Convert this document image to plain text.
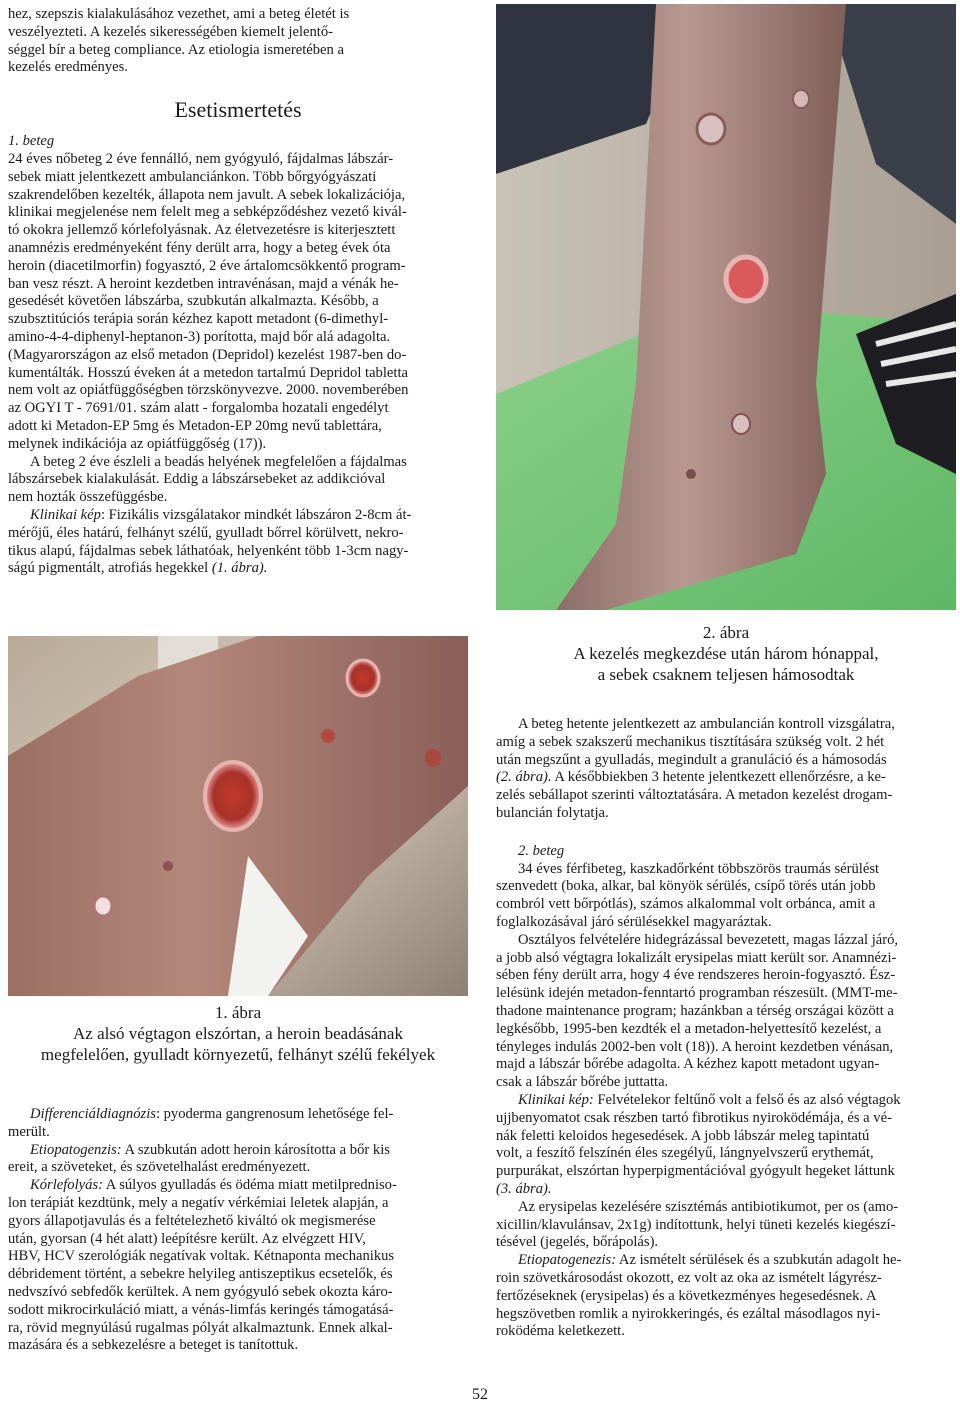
hez, szepszis kialakulásához vezethet, ami a beteg életét is
veszélyezteti. A kezelés sikerességében kiemelt jelentő-
séggel bír a beteg compliance. Az etiologia ismeretében a
kezelés eredményes.
Esetismertetés
1. beteg
24 éves nőbeteg 2 éve fennálló, nem gyógyuló, fájdalmas lábszár-
sebek miatt jelentkezett ambulanciánkon. Több bőrgyógyászati
szakrendelőben kezelték, állapota nem javult. A sebek lokalizációja,
klinikai megjelenése nem felelt meg a sebképződéshez vezető kivál-
tó okokra jellemző kórlefolyásnak. Az életvezetésre is kiterjesztett
anamnézis eredményeként fény derült arra, hogy a beteg évek óta
heroin (diacetilmorfin) fogyasztó, 2 éve ártalomcsökkentő program-
ban vesz részt. A heroint kezdetben intravénásan, majd a vénák he-
gesedését követően lábszárba, szubkután alkalmazta. Később, a
szubsztitúciós terápia során kézhez kapott metadont (6-dimethyl-
amino-4-4-diphenyl-heptanon-3) porította, majd bőr alá adagolta.
(Magyarországon az első metadon (Depridol) kezelést 1987-ben do-
kumentálták. Hosszú éveken át a metedon tartalmú Depridol tabletta
nem volt az opiátfüggőségben törzskönyvezve. 2000. novemberében
az OGYI T - 7691/01. szám alatt - forgalomba hozatali engedélyt
adott ki Metadon-EP 5mg és Metadon-EP 20mg nevű tablettára,
melynek indikációja az opiátfüggőség (17)).
A beteg 2 éve észleli a beadás helyének megfelelően a fájdalmas
lábszársebek kialakulását. Eddig a lábszársebeket az addikcióval
nem hozták összefüggésbe.
Klinikai kép: Fizikális vizsgálatakor mindkét lábszáron 2-8cm át-
mérőjű, éles határú, felhányt szélű, gyulladt bőrrel körülvett, nekro-
tikus alapú, fájdalmas sebek láthatóak, helyenként több 1-3cm nagy-
ságú pigmentált, atrofiás hegekkel (1. ábra).
1. ábra
Az alsó végtagon elszórtan, a heroin beadásának
megfelelően, gyulladt környezetű, felhányt szélű fekélyek
Differenciáldiagnózis: pyoderma gangrenosum lehetősége fel-
merült.
Etiopatogenzis: A szubkután adott heroin károsította a bőr kis
ereit, a szöveteket, és szövetelhalást eredményezett.
Kórlefolyás: A súlyos gyulladás és ödéma miatt metilprednisо-
lon terápiát kezdtünk, mely a negatív vérkémiai leletek alapján, a
gyors állapotjavulás és a feltételezhető kiváltó ok megismerése
után, gyorsan (4 hét alatt) leépítésre került. Az elvégzett HIV,
HBV, HCV szerológiák negatívak voltak. Kétnaponta mechanikus
débridement történt, a sebekre helyileg antiszeptikus ecsetelők, és
nedvszívó sebfedők kerültek. A nem gyógyuló sebek okozta káro-
sodott mikrocirkuláció miatt, a vénás-limfás keringés támogatásá-
ra, rövid megnyúlású rugalmas pólyát alkalmaztunk. Ennek alkal-
mazására és a sebkezelésre a beteget is tanítottuk.
2. ábra
A kezelés megkezdése után három hónappal,
a sebek csaknem teljesen hámosodtak
A beteg hetente jelentkezett az ambulancián kontroll vizsgálatra,
amíg a sebek szakszerű mechanikus tisztítására szükség volt. 2 hét
után megszűnt a gyulladás, megindult a granuláció és a hámosodás
(2. ábra). A későbbiekben 3 hetente jelentkezett ellenőrzésre, a ke-
zelés sebállapot szerinti változtatására. A metadon kezelést drogam-
bulancián folytatja.
2. beteg
34 éves férfibeteg, kaszkadőrként többszörös traumás sérülést
szenvedett (boka, alkar, bal könyök sérülés, csípő törés után jobb
combról vett bőrpótlás), számos alkalommal volt orbánca, amit a
foglalkozásával járó sérülésekkel magyaráztak.
Osztályos felvételére hidegrázással bevezetett, magas lázzal járó,
a jobb alsó végtagra lokalizált erysipelas miatt került sor. Anamnézi-
sében fény derült arra, hogy 4 éve rendszeres heroin-fogyasztó. Ész-
lelésünk idején metadon-fenntartó programban részesült. (MMT-me-
thadone maintenance program; hazánkban a térség országai között a
legkésőbb, 1995-ben kezdték el a metadon-helyettesítő kezelést, a
tényleges indulás 2002-ben volt (18)). A heroint kezdetben vénásan,
majd a lábszár bőrébe adagolta. A kézhez kapott metadont ugyan-
csak a lábszár bőrébe juttatta.
Klinikai kép: Felvételekor feltűnő volt a felső és az alsó végtagok
ujjbenyomatot csak részben tartó fibrotikus nyiroködémája, és a vé-
nák feletti keloidos hegesedések. A jobb lábszár meleg tapintatú
volt, a feszítő felszínén éles szegélyű, lángnyelvszerű erythemát,
purpurákat, elszórtan hyperpigmentációval gyógyult hegeket láttunk
(3. ábra).
Az erysipelas kezelésére szisztémás antibiotikumot, per os (amo-
xicillin/klavulánsav, 2x1g) indítottunk, helyi tüneti kezelés kiegészí-
tésével (jegelés, bőrápolás).
Etiopatogenezis: Az ismételt sérülések és a szubkután adagolt he-
roin szövetkárosodást okozott, ez volt az oka az ismételt lágyrész-
fertőzéseknek (erysipelas) és a következményes hegesedésnek. A
hegszövetben romlik a nyirokkeringés, és ezáltal másodlagos nyi-
roködéma keletkezett.
52
